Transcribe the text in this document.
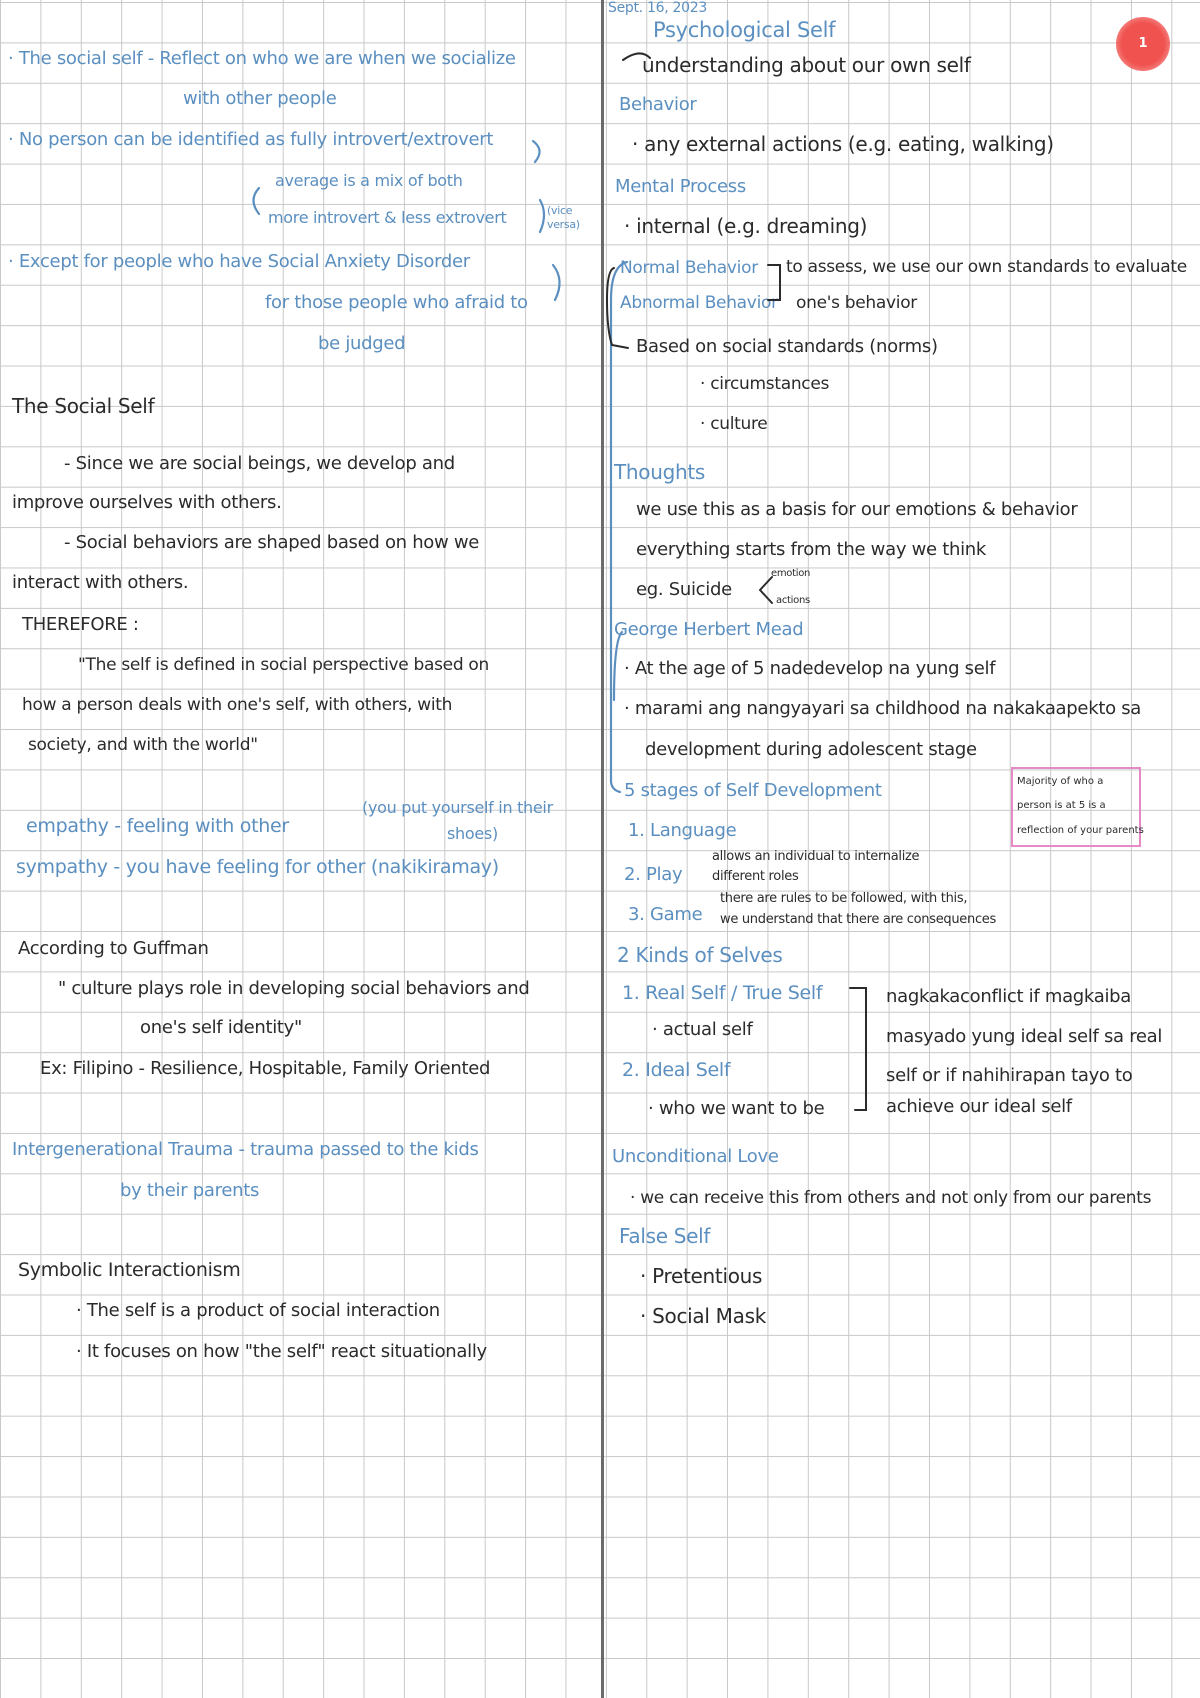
· The social self - Reflect on who we are when we socialize
with other people
· No person can be identified as fully introvert/extrovert
average is a mix of both
more introvert & less extrovert	(vice versa)
· Except for people who have Social Anxiety Disorder
for those people who afraid to
be judged
The Social Self
- Since we are social beings, we develop and
improve ourselves with others.
- Social behaviors are shaped based on how we
interact with others.
THEREFORE :
"The self is defined in social perspective based on
how a person deals with one's self, with others, with
society, and with the world"
empathy - feeling with other
(you put yourself in their
shoes)
sympathy - you have feeling for other (nakikiramay)
According to Guffman
" culture plays role in developing social behaviors and
one's self identity"
Ex: Filipino - Resilience, Hospitable, Family Oriented
Intergenerational Trauma - trauma passed to the kids
by their parents
Symbolic Interactionism
· The self is a product of social interaction
· It focuses on how "the self" react situationally
Sept. 16, 2023
Psychological Self
understanding about our own self
Behavior
· any external actions (e.g. eating, walking)
Mental Process
· internal (e.g. dreaming)
Normal Behavior
Abnormal Behavior
to assess, we use our own standards to evaluate
one's behavior
Based on social standards (norms)
· circumstances
· culture
Thoughts
we use this as a basis for our emotions & behavior
everything starts from the way we think
eg. Suicide
emotion
actions
George Herbert Mead
· At the age of 5 nadedevelop na yung self
· marami ang nangyayari sa childhood na nakakaapekto sa
development during adolescent stage
5 stages of Self Development	Majority of who a
person is at 5 is a
reflection of your parents
1. Language
2. Play
allows an individual to internalize
different roles
3. Game
there are rules to be followed, with this,
we understand that there are consequences
2 Kinds of Selves
1. Real Self / True Self
· actual self
2. Ideal Self
· who we want to be
nagkakaconflict if magkaiba
masyado yung ideal self sa real
self or if nahihirapan tayo to
achieve our ideal self
Unconditional Love
· we can receive this from others and not only from our parents
False Self
· Pretentious
· Social Mask
1
